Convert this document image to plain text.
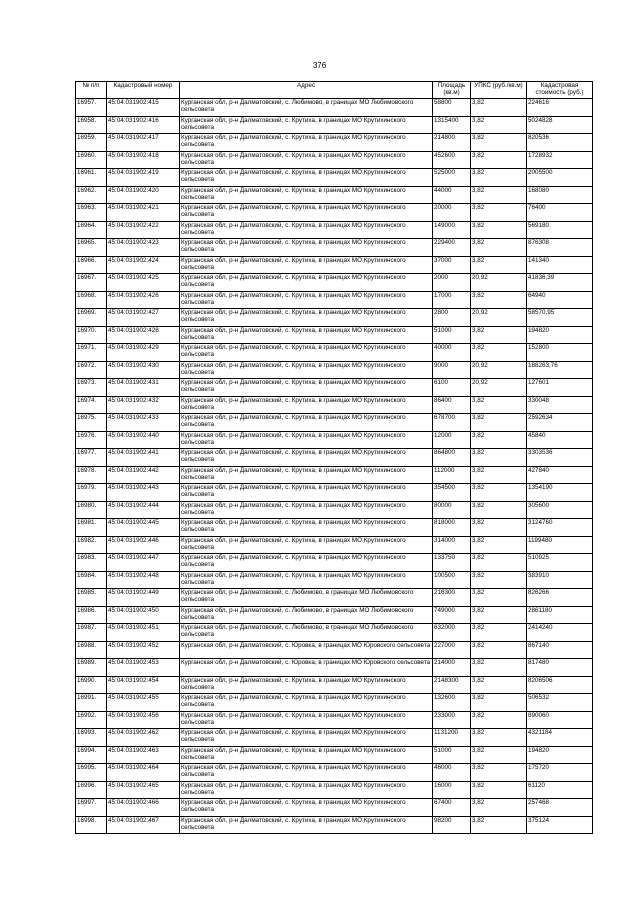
376
№ п/п	Кадастровый номер	Адрес	Площадь (кв.м)	УПКС (руб./кв.м)	Кадастровая стоимость (руб.)
16957.	45:04:031902:415	Курганская обл, р-н Далматовский, с. Любимово, в границах МО Любимовского сельсовета	58800	3,82	224616
16958.	45:04:031902:416	Курганская обл, р-н Далматовский, с. Крутиха, в границах МО Крутихинского сельсовета	1315400	3,82	5024828
16959.	45:04:031902:417	Курганская обл, р-н Далматовский, с. Крутиха, в границах МО Крутихинского сельсовета	214800	3,82	820536
16960.	45:04:031902:418	Курганская обл, р-н Далматовский, с. Крутиха, в границах МО Крутихинского сельсовета	452600	3,82	1728932
16961.	45:04:031902:419	Курганская обл, р-н Далматовский, с. Крутиха, в границах МО Крутихинского сельсовета	525000	3,82	2005500
16962.	45:04:031902:420	Курганская обл, р-н Далматовский, с. Крутиха, в границах МО Крутихинского сельсовета	44000	3,82	168080
16963.	45:04:031902:421	Курганская обл, р-н Далматовский, с. Крутиха, в границах МО Крутихинского сельсовета	20000	3,82	76400
16964.	45:04:031902:422	Курганская обл, р-н Далматовский, с. Крутиха, в границах МО Крутихинского сельсовета	149000	3,82	569180
16965.	45:04:031902:423	Курганская обл, р-н Далматовский, с. Крутиха, в границах МО Крутихинского сельсовета	229400	3,82	876308
16966.	45:04:031902:424	Курганская обл, р-н Далматовский, с. Крутиха, в границах МО Крутихинского сельсовета	37000	3,82	141340
16967.	45:04:031902:425	Курганская обл, р-н Далматовский, с. Крутиха, в границах МО Крутихинского сельсовета	2000	20,92	41836,39
16968.	45:04:031902:426	Курганская обл, р-н Далматовский, с. Крутиха, в границах МО Крутихинского сельсовета	17000	3,82	64940
16969.	45:04:031902:427	Курганская обл, р-н Далматовский, с. Крутиха, в границах МО Крутихинского сельсовета	2800	20,92	58570,95
16970.	45:04:031902:428	Курганская обл, р-н Далматовский, с. Крутиха, в границах МО Крутихинского сельсовета	51000	3,82	194820
16971.	45:04:031902:429	Курганская обл, р-н Далматовский, с. Крутиха, в границах МО Крутихинского сельсовета	40000	3,82	152800
16972.	45:04:031902:430	Курганская обл, р-н Далматовский, с. Крутиха, в границах МО Крутихинского сельсовета	9000	20,92	188263,76
16973.	45:04:031902:431	Курганская обл, р-н Далматовский, с. Крутиха, в границах МО Крутихинского сельсовета	6100	20,92	127601
16974.	45:04:031902:432	Курганская обл, р-н Далматовский, с. Крутиха, в границах МО Крутихинского сельсовета	86400	3,82	330048
16975.	45:04:031902:433	Курганская обл, р-н Далматовский, с. Крутиха, в границах МО Крутихинского сельсовета	678700	3,82	2592634
16976.	45:04:031902:440	Курганская обл, р-н Далматовский, с. Крутиха, в границах МО Крутихинского сельсовета	12000	3,82	45840
16977.	45:04:031902:441	Курганская обл, р-н Далматовский, с. Крутиха, в границах МО Крутихинского сельсовета	864800	3,82	3303536
16978.	45:04:031902:442	Курганская обл, р-н Далматовский, с. Крутиха, в границах МО Крутихинского сельсовета	112000	3,82	427840
16979.	45:04:031902:443	Курганская обл, р-н Далматовский, с. Крутиха, в границах МО Крутихинского сельсовета	354500	3,82	1354190
16980.	45:04:031902:444	Курганская обл, р-н Далматовский, с. Крутиха, в границах МО Крутихинского сельсовета	80000	3,82	305600
16981.	45:04:031902:445	Курганская обл, р-н Далматовский, с. Крутиха, в границах МО Крутихинского сельсовета	818000	3,82	3124760
16982.	45:04:031902:446	Курганская обл, р-н Далматовский, с. Крутиха, в границах МО Крутихинского сельсовета	314000	3,82	1199480
16983.	45:04:031902:447	Курганская обл, р-н Далматовский, с. Крутиха, в границах МО Крутихинского сельсовета	133750	3,82	510925
16984.	45:04:031902:448	Курганская обл, р-н Далматовский, с. Крутиха, в границах МО Крутихинского сельсовета	100500	3,82	383910
16985.	45:04:031902:449	Курганская обл, р-н Далматовский, с. Любимово, в границах МО Любимовского сельсовета	216300	3,82	826266
16986.	45:04:031902:450	Курганская обл, р-н Далматовский, с. Любимово, в границах МО Любимовского сельсовета	749000	3,82	2861180
16987.	45:04:031902:451	Курганская обл, р-н Далматовский, с. Любимово, в границах МО Любимовского сельсовета	632000	3,82	2414240
16988.	45:04:031902:452	Курганская обл, р-н Далматовский, с. Юровка, в границах МО Юровского сельсовета	227000	3,82	867140
16989.	45:04:031902:453	Курганская обл, р-н Далматовский, с. Юровка, в границах МО Юровского сельсовета	214000	3,82	817480
16990.	45:04:031902:454	Курганская обл, р-н Далматовский, с. Крутиха, в границах МО Крутихинского сельсовета	2148300	3,82	8206506
16991.	45:04:031902:455	Курганская обл, р-н Далматовский, с. Крутиха, в границах МО Крутихинского сельсовета	132600	3,82	506532
16992.	45:04:031902:456	Курганская обл, р-н Далматовский, с. Крутиха, в границах МО Крутихинского сельсовета	233000	3,82	890060
16993.	45:04:031902:462	Курганская обл, р-н Далматовский, с. Крутиха, в границах МО Крутихинского сельсовета	1131200	3,82	4321184
16994.	45:04:031902:463	Курганская обл, р-н Далматовский, с. Крутиха, в границах МО Крутихинского сельсовета	51000	3,82	194820
16995.	45:04:031902:464	Курганская обл, р-н Далматовский, с. Крутиха, в границах МО Крутихинского сельсовета	46000	3,82	175720
16996.	45:04:031902:465	Курганская обл, р-н Далматовский, с. Крутиха, в границах МО Крутихинского сельсовета	16000	3,82	61120
16997.	45:04:031902:466	Курганская обл, р-н Далматовский, с. Крутиха, в границах МО Крутихинского сельсовета	67400	3,82	257468
16998.	45:04:031902:467	Курганская обл, р-н Далматовский, с. Крутиха, в границах МО Крутихинского сельсовета	98200	3,82	375124
